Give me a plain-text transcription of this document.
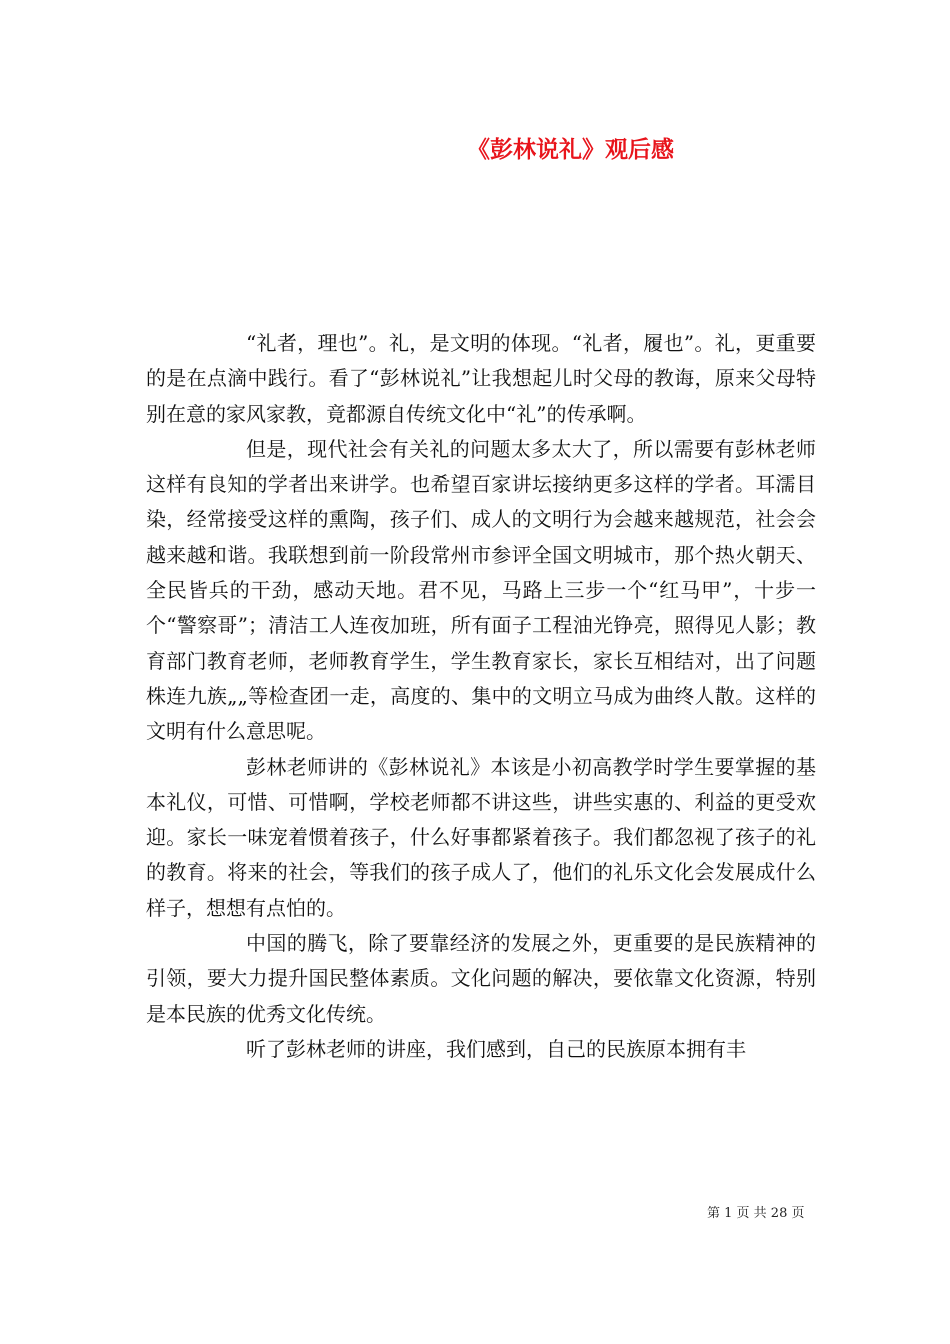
《彭林说礼》观后感

“礼者，理也”。礼，是文明的体现。“礼者，履也”。礼，更重要的是在点滴中践行。看了“彭林说礼”让我想起儿时父母的教诲，原来父母特别在意的家风家教，竟都源自传统文化中“礼”的传承啊。

但是，现代社会有关礼的问题太多太大了，所以需要有彭林老师这样有良知的学者出来讲学。也希望百家讲坛接纳更多这样的学者。耳濡目染，经常接受这样的熏陶，孩子们、成人的文明行为会越来越规范，社会会越来越和谐。我联想到前一阶段常州市参评全国文明城市，那个热火朝天、全民皆兵的干劲，感动天地。君不见，马路上三步一个“红马甲”，十步一个“警察哥”；清洁工人连夜加班，所有面子工程油光铮亮，照得见人影；教育部门教育老师，老师教育学生，学生教育家长，家长互相结对，出了问题株连九族„„等检查团一走，高度的、集中的文明立马成为曲终人散。这样的文明有什么意思呢。

彭林老师讲的《彭林说礼》本该是小初高教学时学生要掌握的基本礼仪，可惜、可惜啊，学校老师都不讲这些，讲些实惠的、利益的更受欢迎。家长一味宠着惯着孩子，什么好事都紧着孩子。我们都忽视了孩子的礼的教育。将来的社会，等我们的孩子成人了，他们的礼乐文化会发展成什么样子，想想有点怕的。

中国的腾飞，除了要靠经济的发展之外，更重要的是民族精神的引领，要大力提升国民整体素质。文化问题的解决，要依靠文化资源，特别是本民族的优秀文化传统。

听了彭林老师的讲座，我们感到，自己的民族原本拥有丰

第 1 页 共 28 页
